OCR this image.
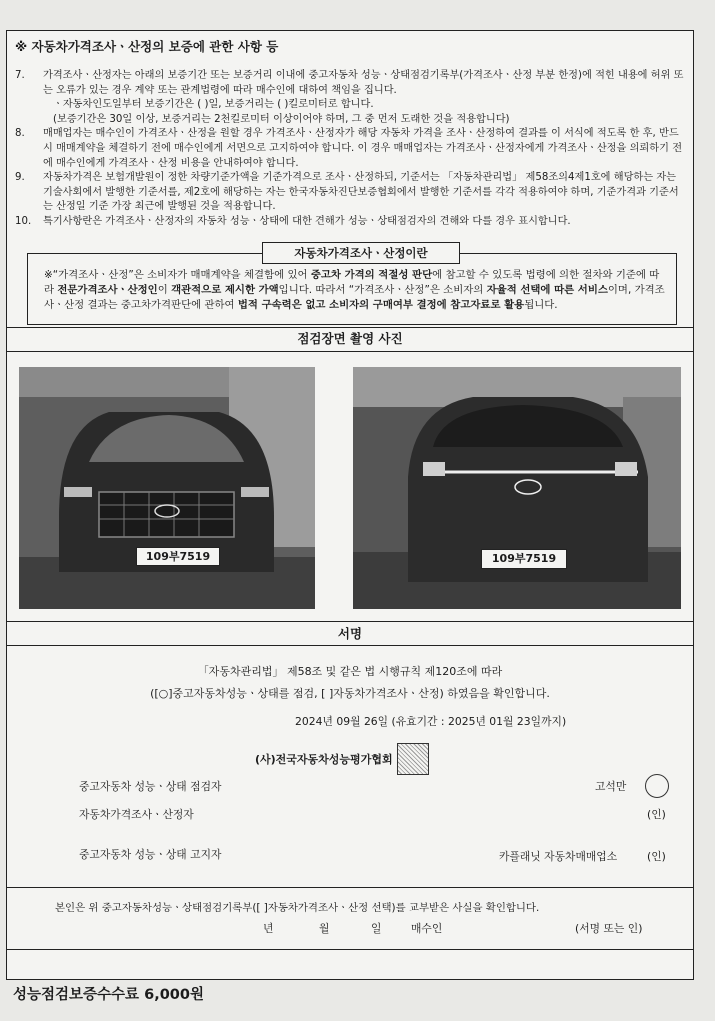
※ 자동차가격조사ㆍ산정의 보증에 관한 사항 등
7.	가격조사ㆍ산정자는 아래의 보증기간 또는 보증거리 이내에 중고자동차 성능ㆍ상태점검기록부(가격조사ㆍ산정 부분 한정)에 적힌 내용에 허위 또는 오류가 있는 경우 계약 또는 관계법령에 따라 매수인에 대하여 책임을 집니다.
ㆍ자동차인도일부터 보증기간은 ( )일, 보증거리는 ( )킬로미터로 합니다.
(보증기간은 30일 이상, 보증거리는 2천킬로미터 이상이어야 하며, 그 중 먼저 도래한 것을 적용합니다)
8.	매매업자는 매수인이 가격조사ㆍ산정을 원할 경우 가격조사ㆍ산정자가 해당 자동차 가격을 조사ㆍ산정하여 결과를 이 서식에 적도록 한 후, 반드시 매매계약을 체결하기 전에 매수인에게 서면으로 고지하여야 합니다. 이 경우 매매업자는 가격조사ㆍ산정자에게 가격조사ㆍ산정을 의뢰하기 전에 매수인에게 가격조사ㆍ산정 비용을 안내하여야 합니다.
9.	자동차가격은 보험개발원이 정한 차량기준가액을 기준가격으로 조사ㆍ산정하되, 기준서는 「자동차관리법」 제58조의4제1호에 해당하는 자는 기술사회에서 발행한 기준서를, 제2호에 해당하는 자는 한국자동차진단보증협회에서 발행한 기준서를 각각 적용하여야 하며, 기준가격과 기준서는 산정일 기준 가장 최근에 발행된 것을 적용합니다.
10.	특기사항란은 가격조사ㆍ산정자의 자동차 성능ㆍ상태에 대한 견해가 성능ㆍ상태점검자의 견해와 다를 경우 표시합니다.
※“가격조사ㆍ산정”은 소비자가 매매계약을 체결함에 있어 중고차 가격의 적절성 판단에 참고할 수 있도록 법령에 의한 절차와 기준에 따라 전문가격조사ㆍ산정인이 객관적으로 제시한 가액입니다. 따라서 “가격조사ㆍ산정”은 소비자의 자율적 선택에 따른 서비스이며, 가격조사ㆍ산정 결과는 중고차가격판단에 관하여 법적 구속력은 없고 소비자의 구매여부 결정에 참고자료로 활용됩니다.
자동차가격조사ㆍ산정이란
점검장면 촬영 사진
109부7519	109부7519
서명
「자동차관리법」 제58조 및 같은 법 시행규칙 제120조에 따라
([○]중고자동차성능ㆍ상태를 점검, [ ]자동차가격조사ㆍ산정) 하였음을 확인합니다.
2024년 09월 26일 (유효기간 : 2025년 01월 23일까지)
(사)전국자동차성능평가협회
중고자동차 성능ㆍ상태 점검자	고석만
자동차가격조사ㆍ산정자	(인)
중고자동차 성능ㆍ상태 고지자	카플래닛 자동차매매업소	(인)
본인은 위 중고자동차성능ㆍ상태점검기록부([ ]자동차가격조사ㆍ산정 선택)를 교부받은 사실을 확인합니다.
년	월	일	매수인	(서명 또는 인)
성능점검보증수수료 6,000원
